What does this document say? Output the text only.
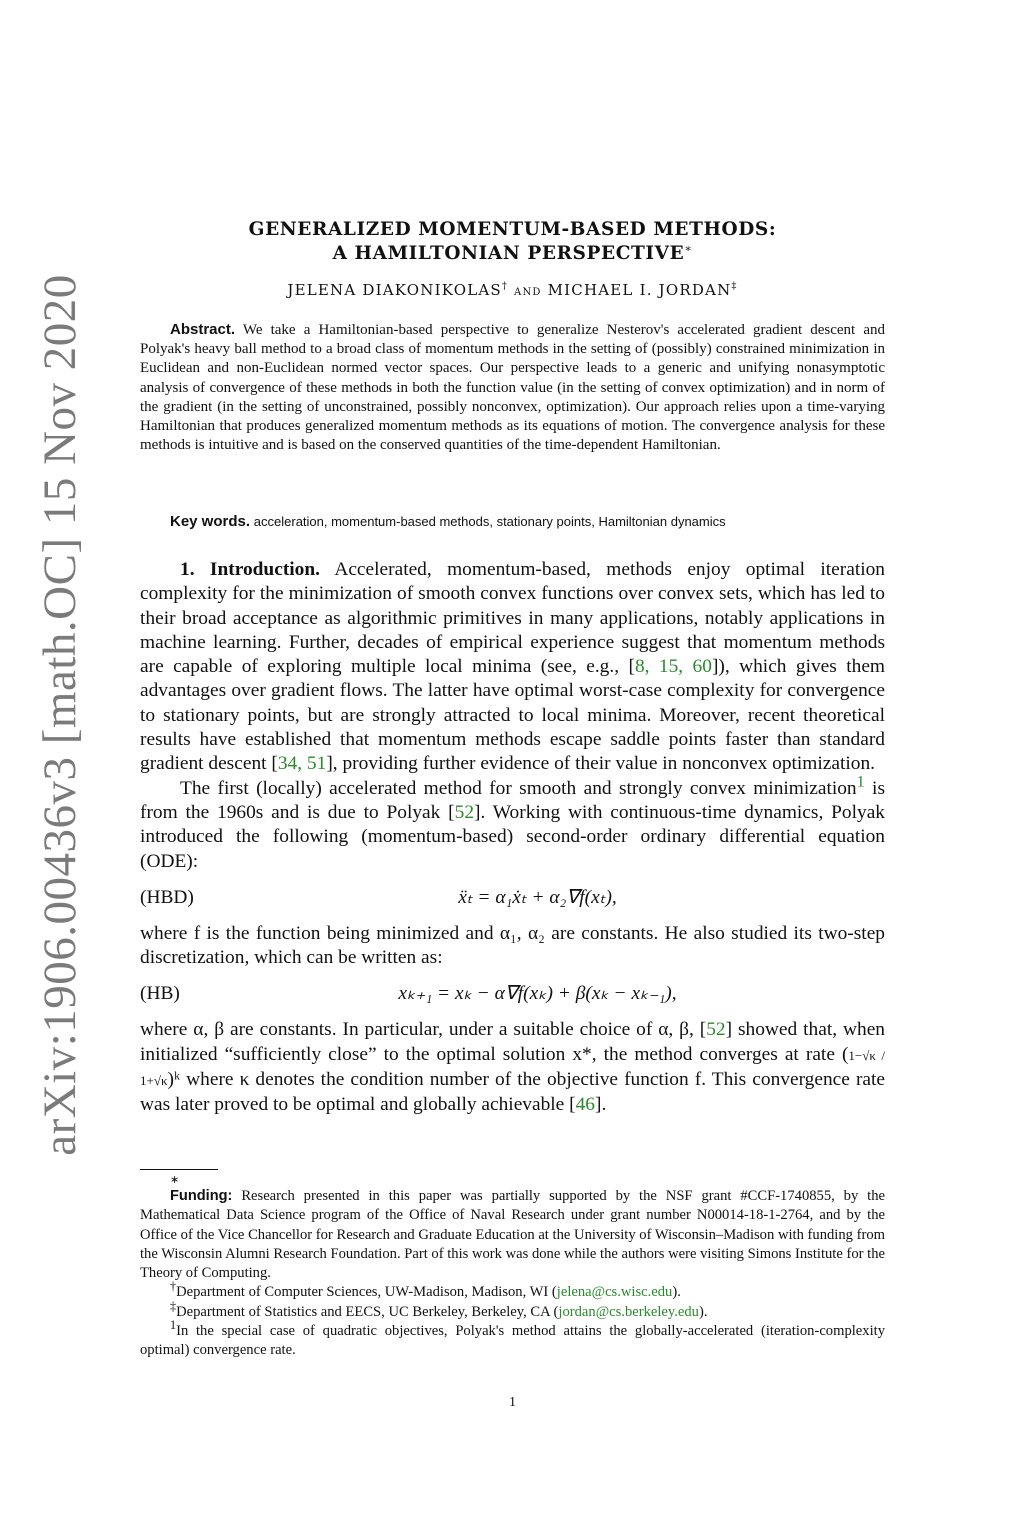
arXiv:1906.00436v3 [math.OC] 15 Nov 2020
GENERALIZED MOMENTUM-BASED METHODS:
A HAMILTONIAN PERSPECTIVE∗
JELENA DIAKONIKOLAS† AND MICHAEL I. JORDAN‡
Abstract. We take a Hamiltonian-based perspective to generalize Nesterov's accelerated gradient descent and Polyak's heavy ball method to a broad class of momentum methods in the setting of (possibly) constrained minimization in Euclidean and non-Euclidean normed vector spaces. Our perspective leads to a generic and unifying nonasymptotic analysis of convergence of these methods in both the function value (in the setting of convex optimization) and in norm of the gradient (in the setting of unconstrained, possibly nonconvex, optimization). Our approach relies upon a time-varying Hamiltonian that produces generalized momentum methods as its equations of motion. The convergence analysis for these methods is intuitive and is based on the conserved quantities of the time-dependent Hamiltonian.
Key words. acceleration, momentum-based methods, stationary points, Hamiltonian dynamics

1. Introduction. Accelerated, momentum-based, methods enjoy optimal iteration complexity for the minimization of smooth convex functions over convex sets, which has led to their broad acceptance as algorithmic primitives in many applications, notably applications in machine learning. Further, decades of empirical experience suggest that momentum methods are capable of exploring multiple local minima (see, e.g., [8, 15, 60]), which gives them advantages over gradient flows. The latter have optimal worst-case complexity for convergence to stationary points, but are strongly attracted to local minima. Moreover, recent theoretical results have established that momentum methods escape saddle points faster than standard gradient descent [34, 51], providing further evidence of their value in nonconvex optimization.

The first (locally) accelerated method for smooth and strongly convex minimization$^1$ is from the 1960s and is due to Polyak [52]. Working with continuous-time dynamics, Polyak introduced the following (momentum-based) second-order ordinary differential equation (ODE):

(HBD)	ẍₜ = α₁ẋₜ + α₂∇f(xₜ),

where f is the function being minimized and α₁, α₂ are constants. He also studied its two-step discretization, which can be written as:

(HB)	xₖ₊₁ = xₖ − α∇f(xₖ) + β(xₖ − xₖ₋₁),

where α, β are constants. In particular, under a suitable choice of α, β, [52] showed that, when initialized “sufficiently close” to the optimal solution x*, the method converges at rate (1−√κ / 1+√κ)ᵏ where κ denotes the condition number of the objective function f. This convergence rate was later proved to be optimal and globally achievable [46].

∗

Funding: Research presented in this paper was partially supported by the NSF grant #CCF-1740855, by the Mathematical Data Science program of the Office of Naval Research under grant number N00014-18-1-2764, and by the Office of the Vice Chancellor for Research and Graduate Education at the University of Wisconsin–Madison with funding from the Wisconsin Alumni Research Foundation. Part of this work was done while the authors were visiting Simons Institute for the Theory of Computing.

†Department of Computer Sciences, UW-Madison, Madison, WI (jelena@cs.wisc.edu).

‡Department of Statistics and EECS, UC Berkeley, Berkeley, CA (jordan@cs.berkeley.edu).

$^1$In the special case of quadratic objectives, Polyak's method attains the globally-accelerated (iteration-complexity optimal) convergence rate.

1
